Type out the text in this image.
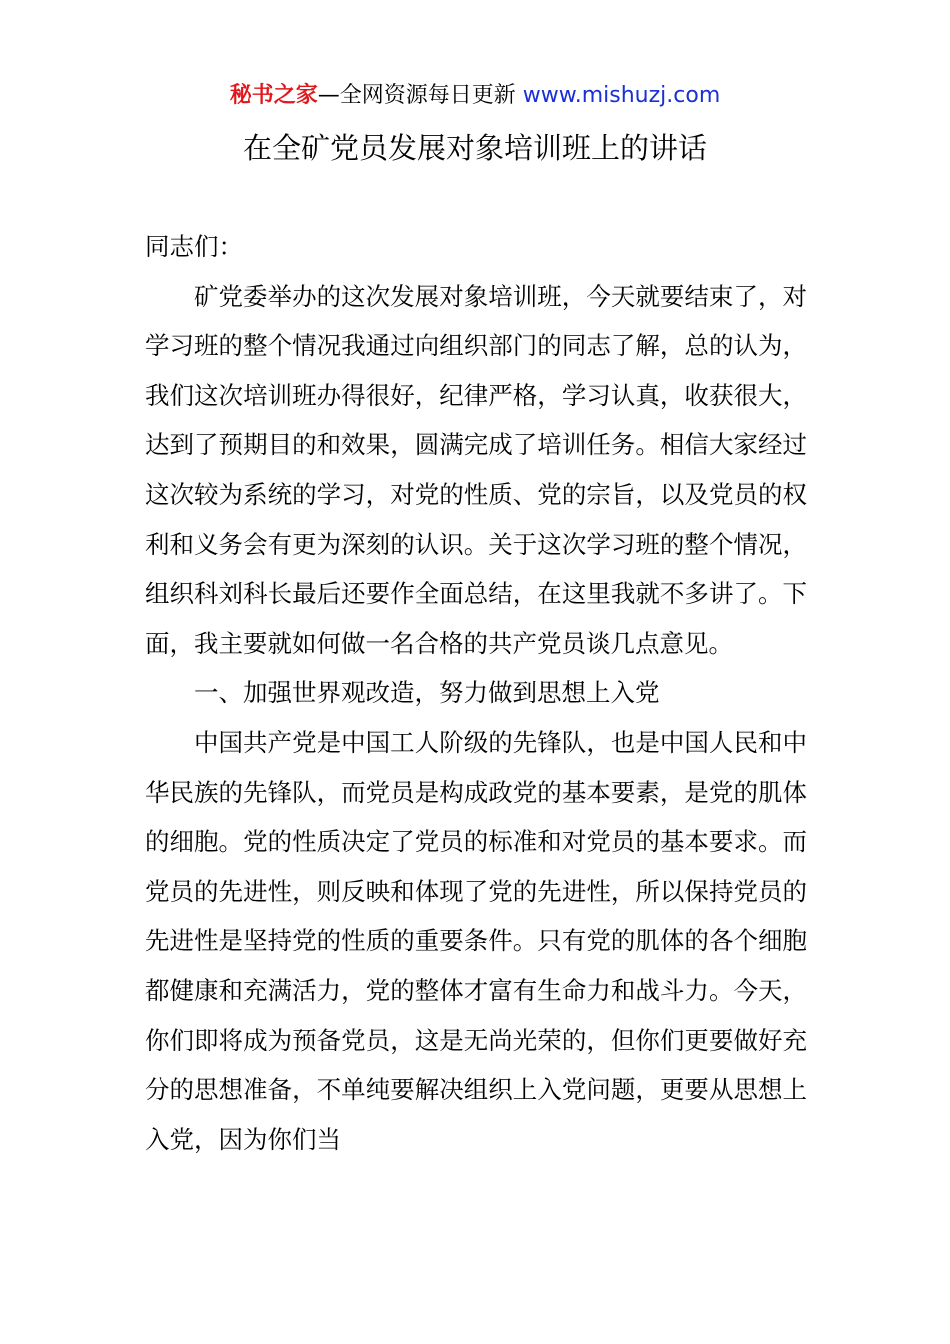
秘书之家—全网资源每日更新 www.mishuzj.com
在全矿党员发展对象培训班上的讲话

同志们：

矿党委举办的这次发展对象培训班，今天就要结束了，对学习班的整个情况我通过向组织部门的同志了解，总的认为，我们这次培训班办得很好，纪律严格，学习认真，收获很大，达到了预期目的和效果，圆满完成了培训任务。相信大家经过这次较为系统的学习，对党的性质、党的宗旨，以及党员的权利和义务会有更为深刻的认识。关于这次学习班的整个情况，组织科刘科长最后还要作全面总结，在这里我就不多讲了。下面，我主要就如何做一名合格的共产党员谈几点意见。

一、加强世界观改造，努力做到思想上入党

中国共产党是中国工人阶级的先锋队，也是中国人民和中华民族的先锋队，而党员是构成政党的基本要素，是党的肌体的细胞。党的性质决定了党员的标准和对党员的基本要求。而党员的先进性，则反映和体现了党的先进性，所以保持党员的先进性是坚持党的性质的重要条件。只有党的肌体的各个细胞都健康和充满活力，党的整体才富有生命力和战斗力。今天，你们即将成为预备党员，这是无尚光荣的，但你们更要做好充分的思想准备，不单纯要解决组织上入党问题，更要从思想上入党，因为你们当
